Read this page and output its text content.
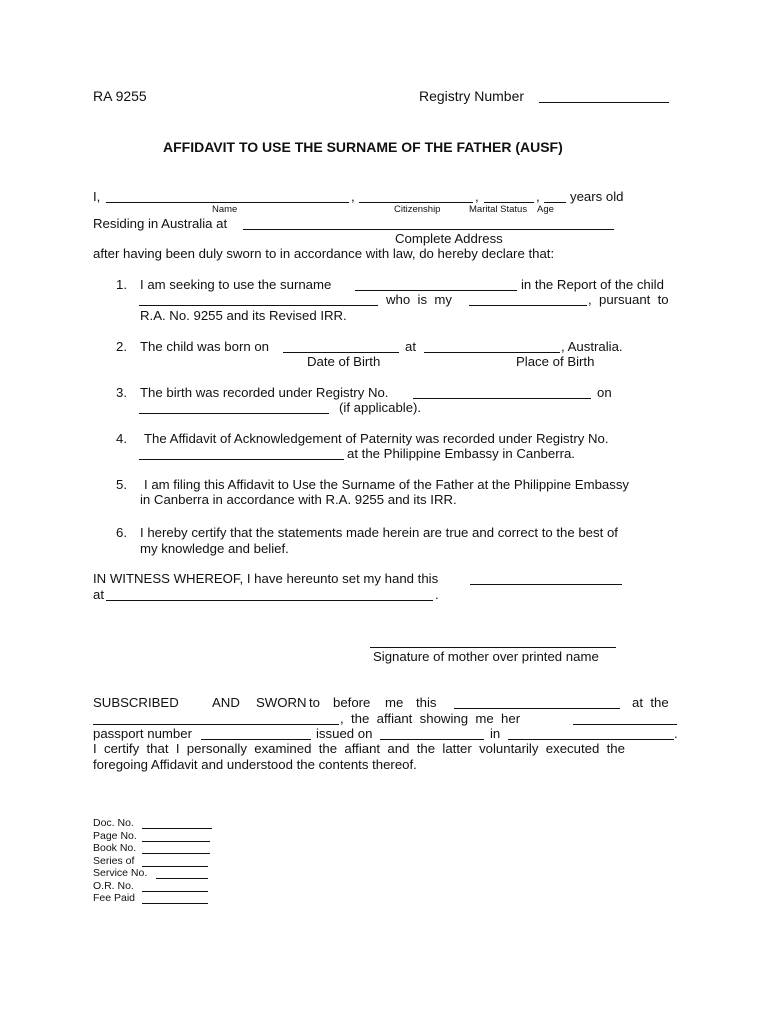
RA 9255	Registry Number
AFFIDAVIT TO USE THE SURNAME OF THE FATHER (AUSF)
I,	,	,	, years old
Name	Citizenship	Marital Status Age
Residing in Australia at
Complete Address
after having been duly sworn to in accordance with law, do hereby declare that:
1. I am seeking to use the surname	in the Report of the child
who  is  my	,  pursuant  to
R.A. No. 9255 and its Revised IRR.
2. The child was born on	at	, Australia.
Date of Birth	Place of Birth
3. The birth was recorded under Registry No.	on
(if applicable).
4. The Affidavit of Acknowledgement of Paternity was recorded under Registry No.
at the Philippine Embassy in Canberra.
5. I am filing this Affidavit to Use the Surname of the Father at the Philippine Embassy
in Canberra in accordance with R.A. 9255 and its IRR.
6. I hereby certify that the statements made herein are true and correct to the best of
my knowledge and belief.
IN WITNESS WHEREOF, I have hereunto set my hand this
at	.
Signature of mother over printed name
SUBSCRIBED	AND SWORN to before me this	at  the
,  the  affiant  showing  me  her
passport number	issued on	in	.
I  certify  that  I  personally  examined  the  affiant  and  the  latter  voluntarily  executed  the
foregoing Affidavit and understood the contents thereof.
Doc. No.
Page No.
Book No.
Series of
Service No.
O.R. No.
Fee Paid
